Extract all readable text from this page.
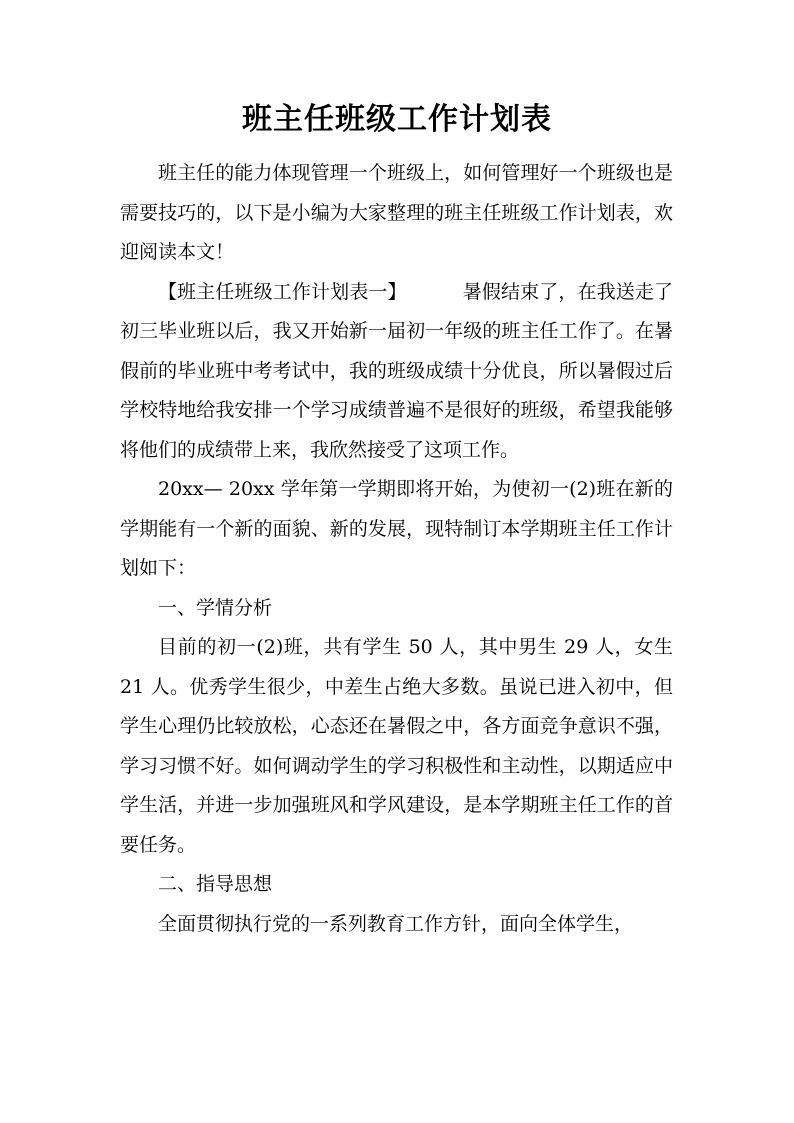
班主任班级工作计划表

班主任的能力体现管理一个班级上，如何管理好一个班级也是需要技巧的，以下是小编为大家整理的班主任班级工作计划表，欢迎阅读本文！

【班主任班级工作计划表一】	暑假结束了，在我送走了初三毕业班以后，我又开始新一届初一年级的班主任工作了。在暑假前的毕业班中考考试中，我的班级成绩十分优良，所以暑假过后学校特地给我安排一个学习成绩普遍不是很好的班级，希望我能够将他们的成绩带上来，我欣然接受了这项工作。

20xx— 20xx 学年第一学期即将开始，为使初一(2)班在新的学期能有一个新的面貌、新的发展，现特制订本学期班主任工作计划如下：

一、学情分析

目前的初一(2)班，共有学生 50 人，其中男生 29 人，女生 21 人。优秀学生很少，中差生占绝大多数。虽说已进入初中，但学生心理仍比较放松，心态还在暑假之中，各方面竞争意识不强，学习习惯不好。如何调动学生的学习积极性和主动性，以期适应中学生活，并进一步加强班风和学风建设，是本学期班主任工作的首要任务。

二、指导思想

全面贯彻执行党的一系列教育工作方针，面向全体学生，
